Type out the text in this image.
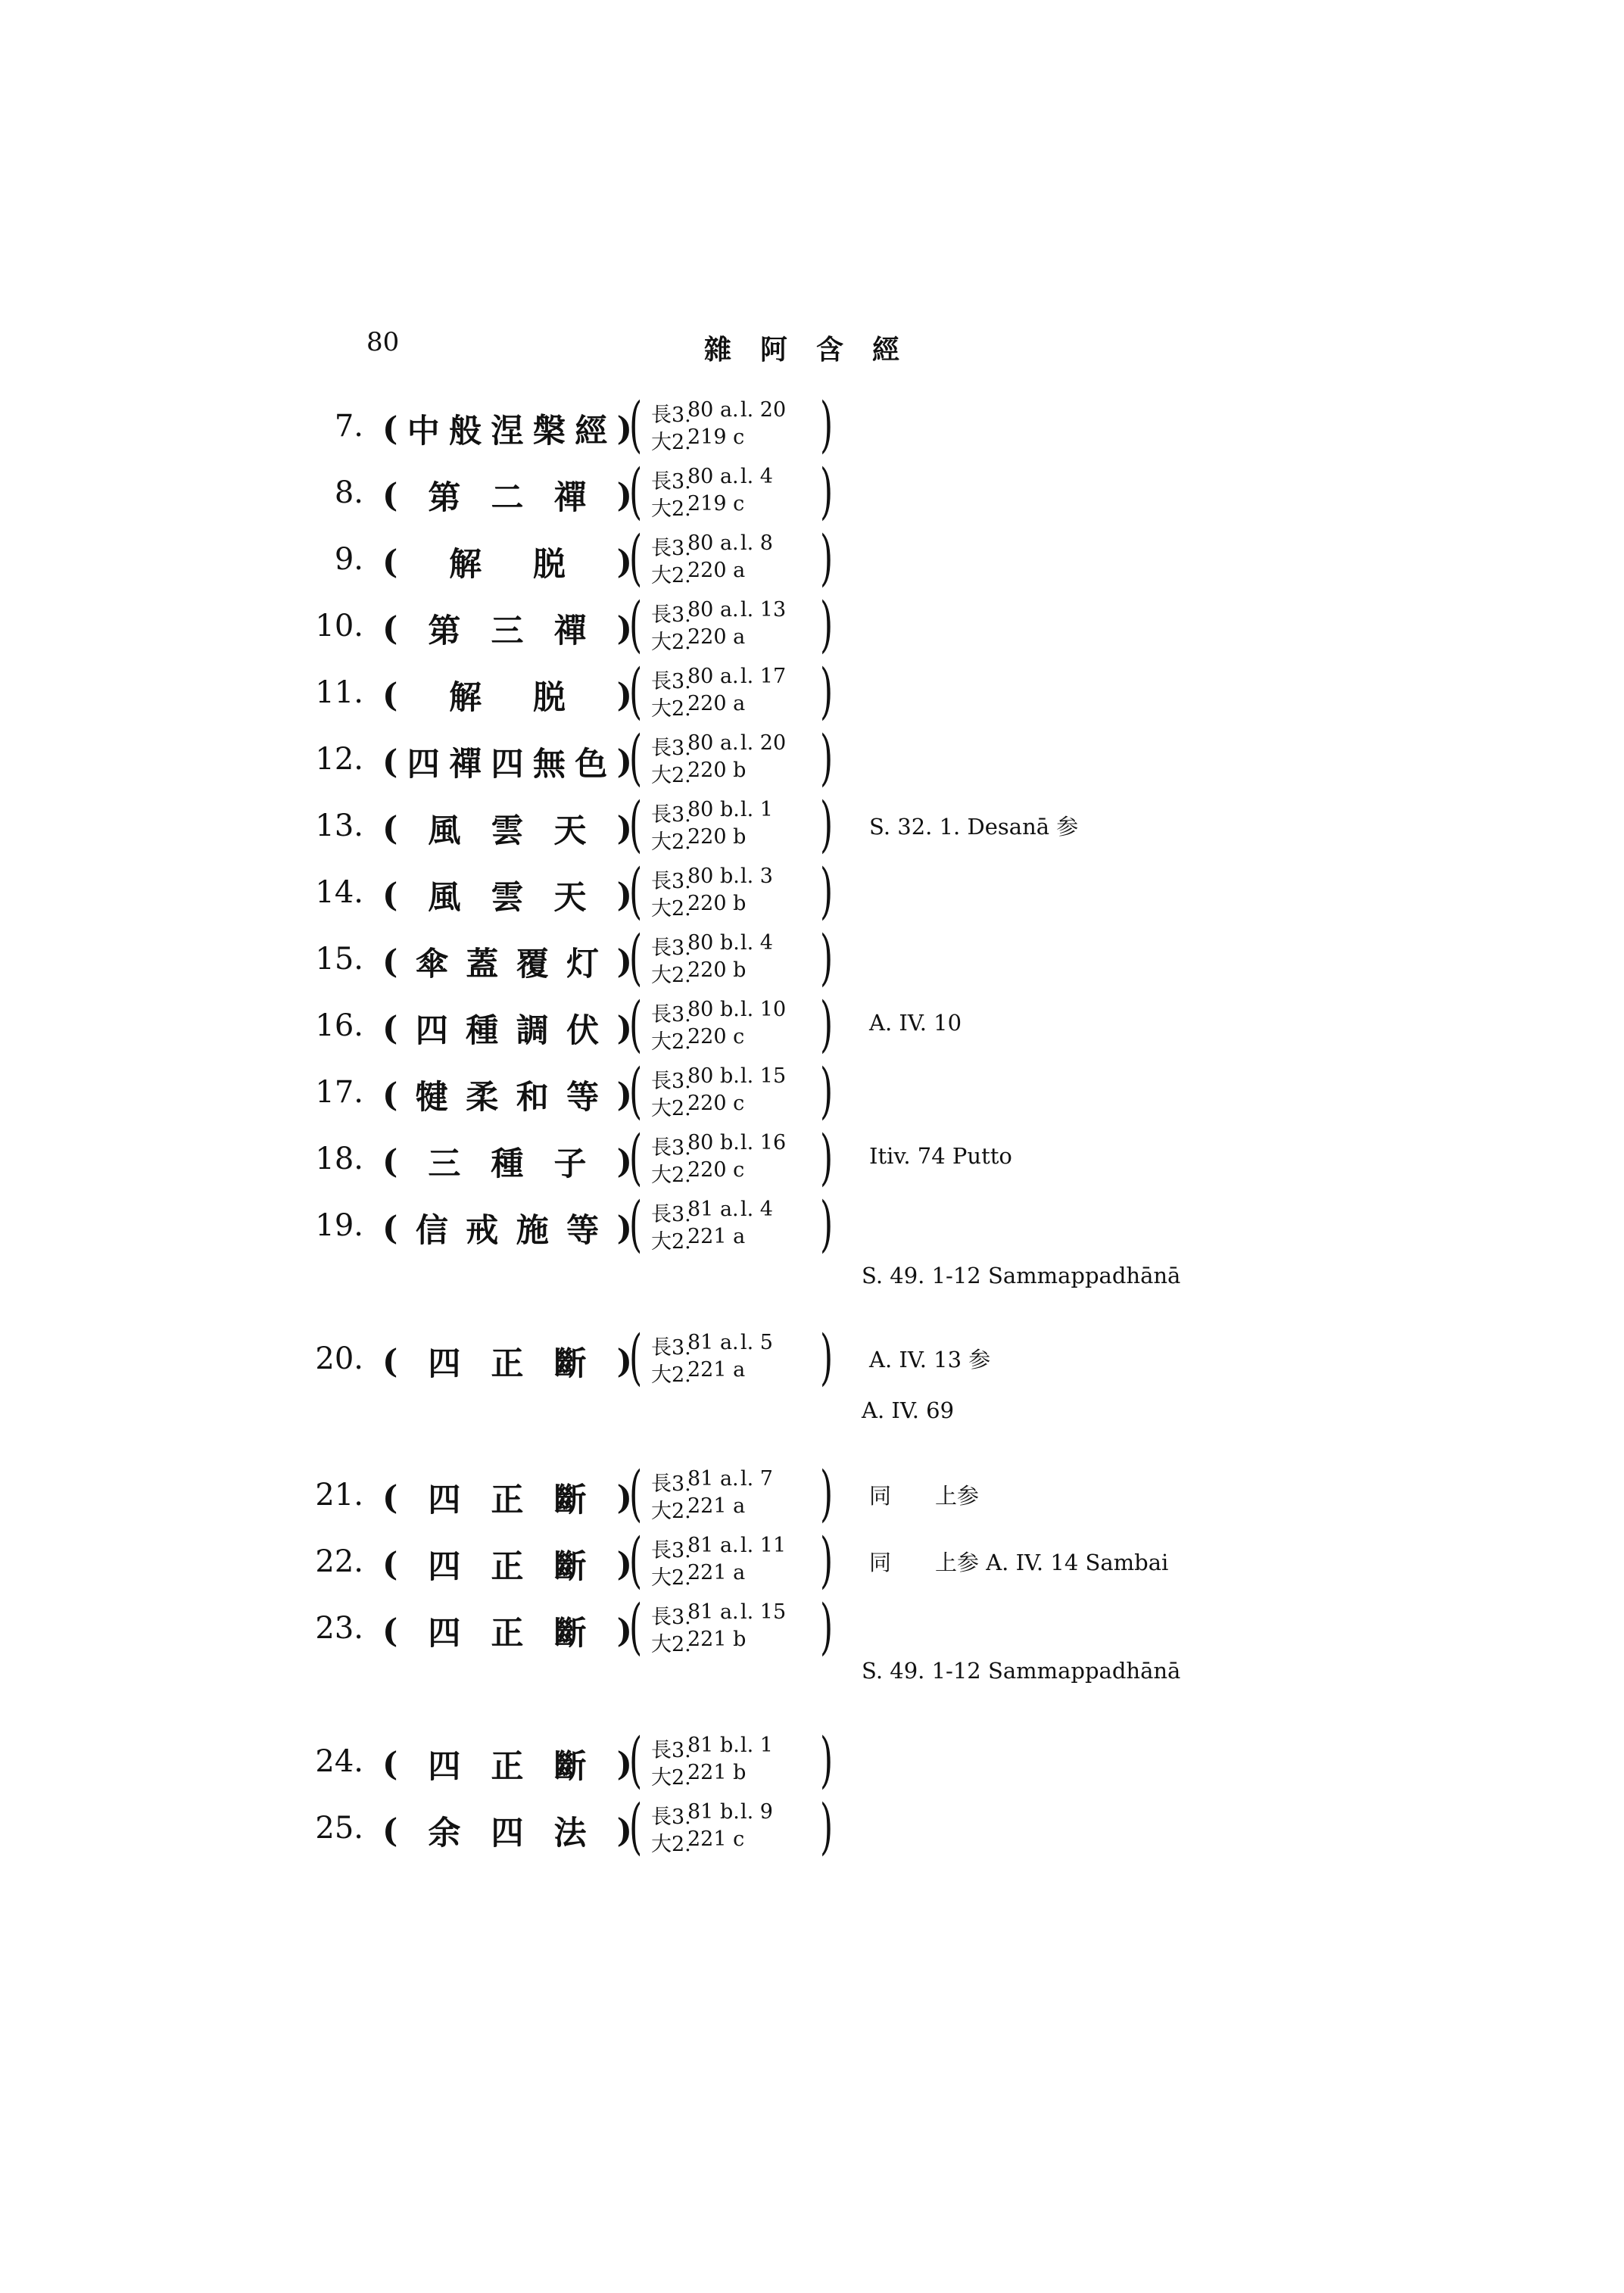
80	雜阿含經
7. ( 中 般 涅 槃 經 )
( 長3.
80 a. l. 20
大2.
219 c )
8. ( 第 二 禪 )
( 長3.
80 a. l. 4
大2.
219 c )
9. ( 解 脱 )
( 長3.
80 a. l. 8
大2.
220 a )
10. ( 第 三 禪 )
( 長3.
80 a. l. 13
大2.
220 a )
11. ( 解 脱 )
( 長3.
80 a. l. 17
大2.
220 a )
12. ( 四 禪 四 無 色 )
( 長3.
80 a. l. 20
大2.
220 b )
13. ( 風 雲 天 )
( 長3.
80 b. l. 1
大2.
220 b ) S. 32. 1. Desanā 参
14. ( 風 雲 天 )
( 長3.
80 b. l. 3
大2.
220 b )
15. ( 傘 蓋 覆 灯 )
( 長3.
80 b. l. 4
大2.
220 b )
16. ( 四 種 調 伏 )
( 長3.
80 b. l. 10
大2.
220 c ) A. IV. 10
17. ( 犍 柔 和 等 )
( 長3.
80 b. l. 15
大2.
220 c )
18. ( 三 種 子 )
( 長3.
80 b. l. 16
大2.
220 c ) Itiv. 74 Putto
19. ( 信 戒 施 等 )
( 長3.
81 a. l. 4
大2.
221 a )
20. ( 四 正 斷 )
( 長3.
81 a. l. 5
大2.
221 a ) A. IV. 13 参
21. ( 四 正 斷 )
( 長3.
81 a. l. 7
大2.
221 a ) 同　　上参
22. ( 四 正 斷 )
( 長3.
81 a. l. 11
大2.
221 a ) 同　　上参 A. IV. 14 Sambai
23. ( 四 正 斷 )
( 長3.
81 a. l. 15
大2.
221 b )
24. ( 四 正 斷 )
( 長3.
81 b. l. 1
大2.
221 b )
25. ( 余 四 法 )
( 長3.
81 b. l. 9
大2.
221 c )
S. 49. 1-12 Sammappadhānā
A. IV. 69
S. 49. 1-12 Sammappadhānā
